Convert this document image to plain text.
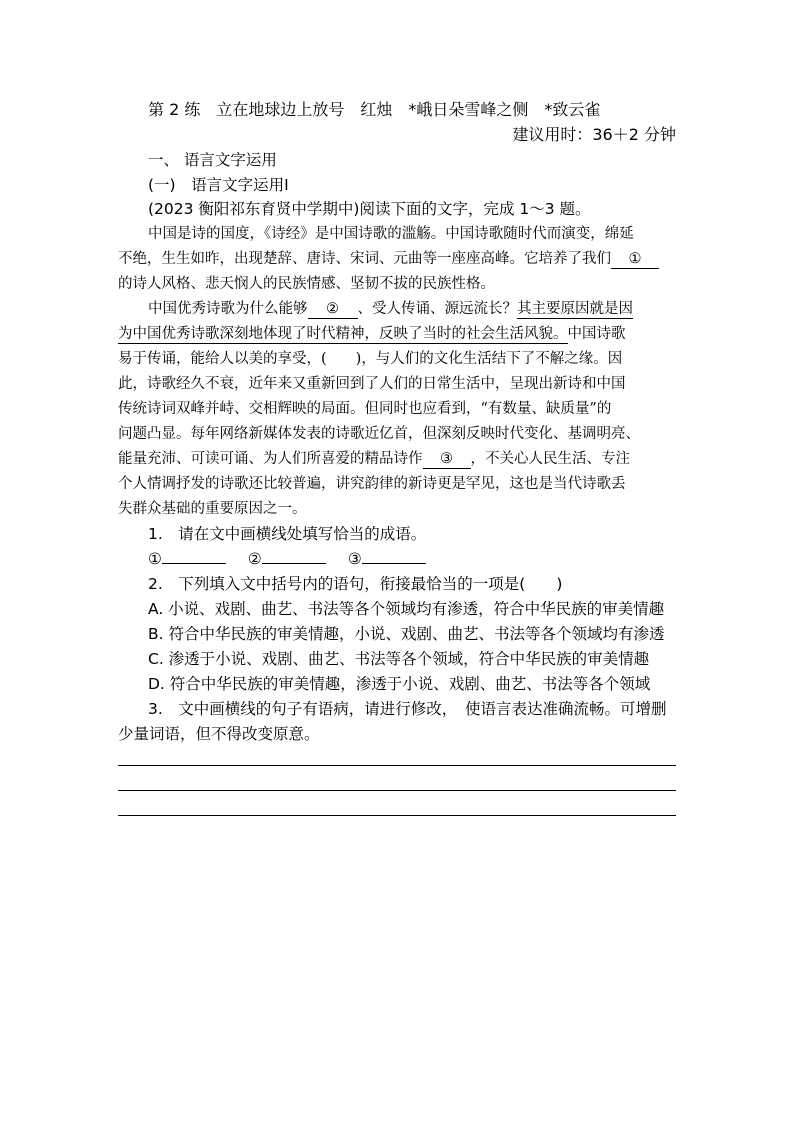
第 2 练　立在地球边上放号　红烛　*峨日朵雪峰之侧　*致云雀
建议用时：36＋2 分钟
一、 语言文字运用
(一)　语言文字运用Ⅰ
(2023 衡阳祁东育贤中学期中)阅读下面的文字，完成 1～3 题。
中国是诗的国度，《诗经》是中国诗歌的滥觞。中国诗歌随时代而演变，绵延
不绝，生生如昨，出现楚辞、唐诗、宋词、元曲等一座座高峰。它培养了我们 ①
的诗人风格、悲天悯人的民族情感、坚韧不拔的民族性格。
中国优秀诗歌为什么能够 ② 、受人传诵、源远流长？其主要原因就是因
为中国优秀诗歌深刻地体现了时代精神，反映了当时的社会生活风貌。中国诗歌
易于传诵，能给人以美的享受，(　　)，与人们的文化生活结下了不解之缘。因
此，诗歌经久不衰，近年来又重新回到了人们的日常生活中，呈现出新诗和中国
传统诗词双峰并峙、交相辉映的局面。但同时也应看到，“有数量、缺质量”的
问题凸显。每年网络新媒体发表的诗歌近亿首，但深刻反映时代变化、基调明亮、
能量充沛、可读可诵、为人们所喜爱的精品诗作 ③ ，不关心人民生活、专注
个人情调抒发的诗歌还比较普遍，讲究韵律的新诗更是罕见，这也是当代诗歌丢
失群众基础的重要原因之一。
1.　请在文中画横线处填写恰当的成语。
①	②	③
2.　下列填入文中括号内的语句，衔接最恰当的一项是(　　)
A. 小说、戏剧、曲艺、书法等各个领域均有渗透，符合中华民族的审美情趣
B. 符合中华民族的审美情趣，小说、戏剧、曲艺、书法等各个领域均有渗透
C. 渗透于小说、戏剧、曲艺、书法等各个领域，符合中华民族的审美情趣
D. 符合中华民族的审美情趣，渗透于小说、戏剧、曲艺、书法等各个领域
3.　文中画横线的句子有语病，请进行修改，　使语言表达准确流畅。可增删
少量词语，但不得改变原意。
